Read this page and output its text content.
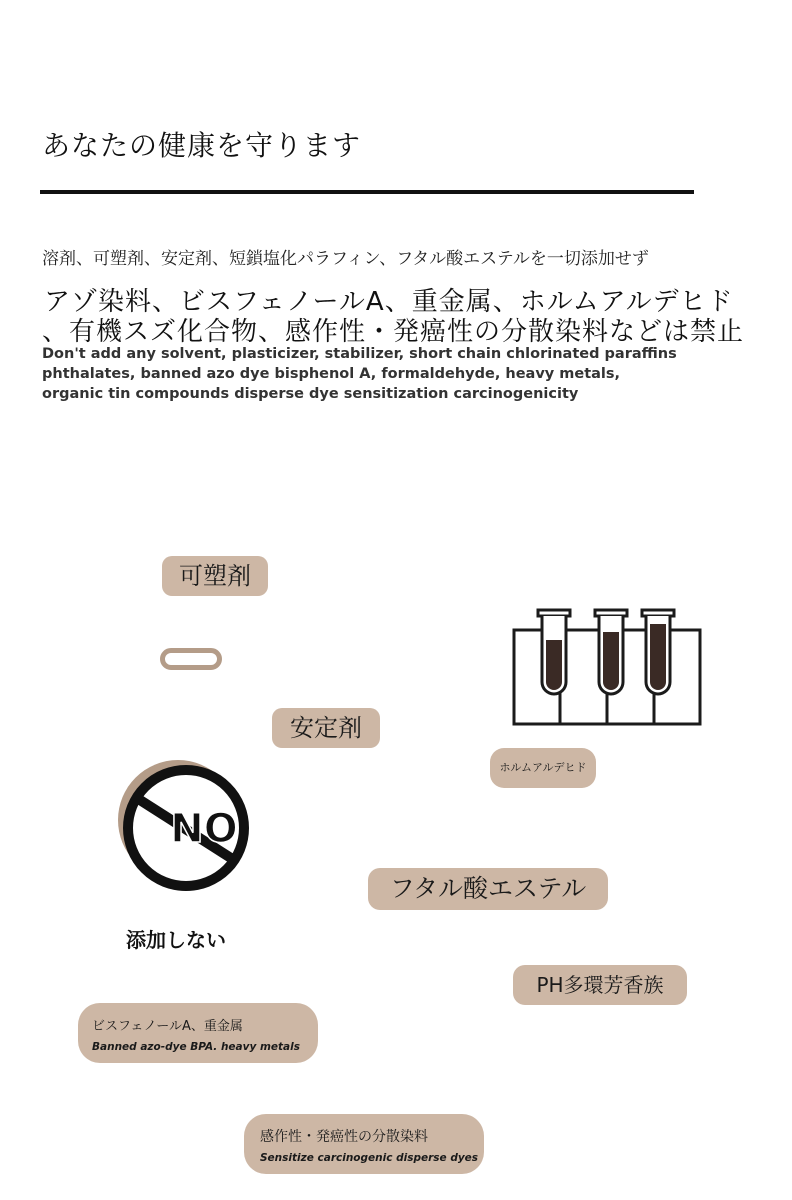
あなたの健康を守ります
溶剤、可塑剤、安定剤、短鎖塩化パラフィン、フタル酸エステルを一切添加せず
アゾ染料、ビスフェノールA、重金属、ホルムアルデヒド
、有機スズ化合物、感作性・発癌性の分散染料などは禁止
Don't add any solvent, plasticizer, stabilizer, short chain chlorinated paraffins
phthalates, banned azo dye bisphenol A, formaldehyde, heavy metals,
organic tin compounds disperse dye sensitization carcinogenicity
可塑剤
安定剤
ホルムアルデヒド
NO
添加しない
フタル酸エステル
PH多環芳香族
ビスフェノールA、重金属
Banned azo-dye BPA. heavy metals
感作性・発癌性の分散染料
Sensitize carcinogenic disperse dyes
